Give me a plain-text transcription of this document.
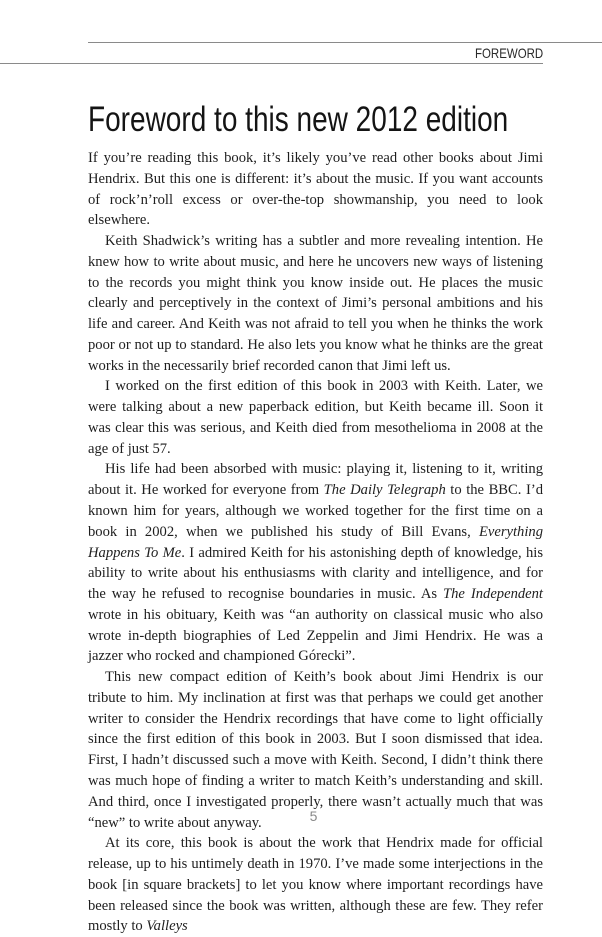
FOREWORD
Foreword to this new 2012 edition

If you’re reading this book, it’s likely you’ve read other books about Jimi Hendrix. But this one is different: it’s about the music. If you want accounts of rock’n’roll excess or over-the-top showmanship, you need to look elsewhere.

Keith Shadwick’s writing has a subtler and more revealing intention. He knew how to write about music, and here he uncovers new ways of listening to the records you might think you know inside out. He places the music clearly and perceptively in the context of Jimi’s personal ambitions and his life and career. And Keith was not afraid to tell you when he thinks the work poor or not up to standard. He also lets you know what he thinks are the great works in the necessarily brief recorded canon that Jimi left us.

I worked on the first edition of this book in 2003 with Keith. Later, we were talking about a new paperback edition, but Keith became ill. Soon it was clear this was serious, and Keith died from mesothelioma in 2008 at the age of just 57.

His life had been absorbed with music: playing it, listening to it, writing about it. He worked for everyone from The Daily Telegraph to the BBC. I’d known him for years, although we worked together for the first time on a book in 2002, when we published his study of Bill Evans, Everything Happens To Me. I admired Keith for his astonishing depth of knowledge, his ability to write about his enthusiasms with clarity and intelligence, and for the way he refused to recognise boundaries in music. As The Independent wrote in his obituary, Keith was “an authority on classical music who also wrote in-depth biographies of Led Zeppelin and Jimi Hendrix. He was a jazzer who rocked and championed Górecki”.

This new compact edition of Keith’s book about Jimi Hendrix is our tribute to him. My inclination at first was that perhaps we could get another writer to consider the Hendrix recordings that have come to light officially since the first edition of this book in 2003. But I soon dismissed that idea. First, I hadn’t discussed such a move with Keith. Second, I didn’t think there was much hope of finding a writer to match Keith’s understanding and skill. And third, once I investigated properly, there wasn’t actually much that was “new” to write about anyway.

At its core, this book is about the work that Hendrix made for official release, up to his untimely death in 1970. I’ve made some interjections in the book [in square brackets] to let you know where important recordings have been released since the book was written, although these are few. They refer mostly to Valleys

5
